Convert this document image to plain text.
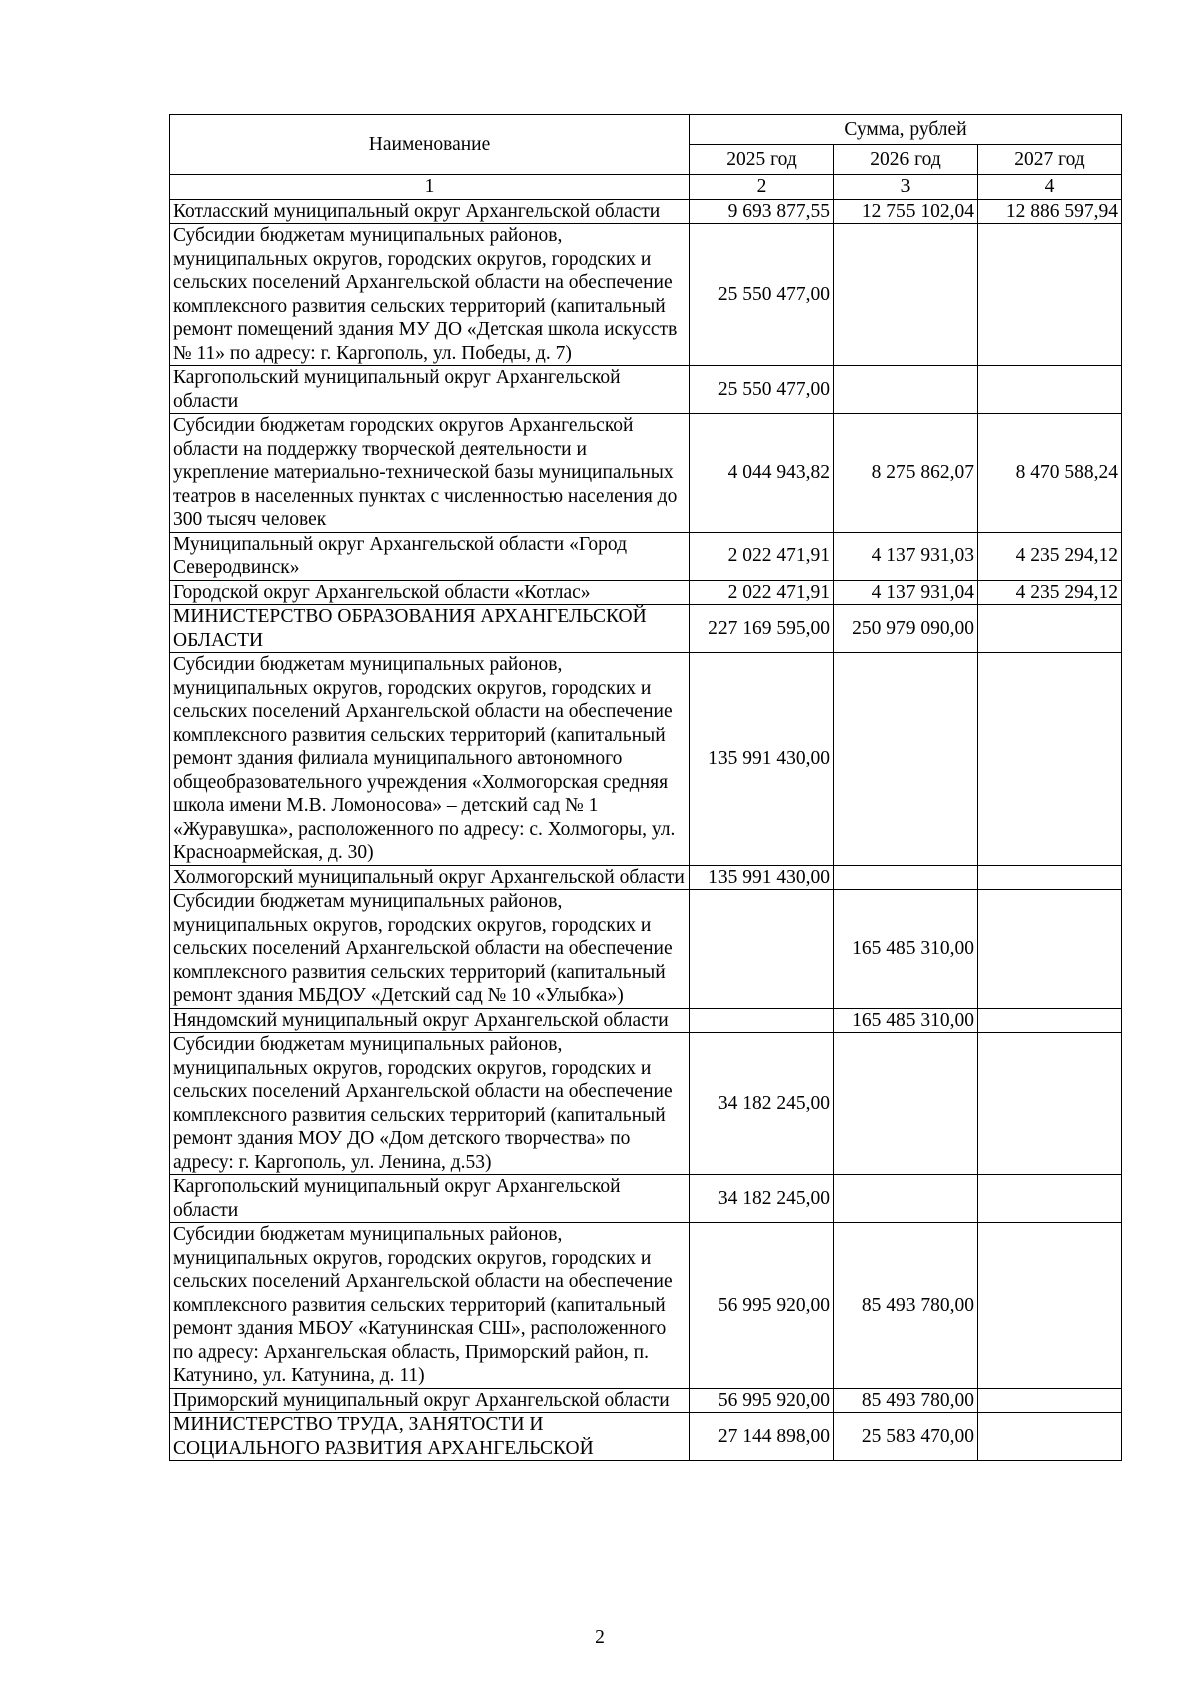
Наименование	Сумма, рублей		
	2025 год	2026 год	2027 год
1	2	3	4
Котласский муниципальный округ Архангельской области	9 693 877,55	12 755 102,04	12 886 597,94
Субсидии бюджетам муниципальных районов, муниципальных округов, городских округов, городских и сельских поселений Архангельской области на обеспечение комплексного развития сельских территорий (капитальный ремонт помещений здания МУ ДО «Детская школа искусств № 11» по адресу: г. Каргополь, ул. Победы, д. 7)	25 550 477,00		
Каргопольский муниципальный округ Архангельской области	25 550 477,00		
Субсидии бюджетам городских округов Архангельской области на поддержку творческой деятельности и укрепление материально-технической базы муниципальных театров в населенных пунктах с численностью населения до 300 тысяч человек	4 044 943,82	8 275 862,07	8 470 588,24
Муниципальный округ Архангельской области «Город Северодвинск»	2 022 471,91	4 137 931,03	4 235 294,12
Городской округ Архангельской области «Котлас»	2 022 471,91	4 137 931,04	4 235 294,12
МИНИСТЕРСТВО ОБРАЗОВАНИЯ АРХАНГЕЛЬСКОЙ ОБЛАСТИ	227 169 595,00	250 979 090,00	
Субсидии бюджетам муниципальных районов, муниципальных округов, городских округов, городских и сельских поселений Архангельской области на обеспечение комплексного развития сельских территорий (капитальный ремонт здания филиала муниципального автономного общеобразовательного учреждения «Холмогорская средняя школа имени М.В. Ломоносова» – детский сад № 1 «Журавушка», расположенного по адресу: с. Холмогоры, ул. Красноармейская, д. 30)	135 991 430,00		
Холмогорский муниципальный округ Архангельской области	135 991 430,00		
Субсидии бюджетам муниципальных районов, муниципальных округов, городских округов, городских и сельских поселений Архангельской области на обеспечение комплексного развития сельских территорий (капитальный ремонт здания МБДОУ «Детский сад № 10 «Улыбка»)		165 485 310,00	
Няндомский муниципальный округ Архангельской области		165 485 310,00	
Субсидии бюджетам муниципальных районов, муниципальных округов, городских округов, городских и сельских поселений Архангельской области на обеспечение комплексного развития сельских территорий (капитальный ремонт здания МОУ ДО «Дом детского творчества» по адресу: г. Каргополь, ул. Ленина, д.53)	34 182 245,00		
Каргопольский муниципальный округ Архангельской области	34 182 245,00		
Субсидии бюджетам муниципальных районов, муниципальных округов, городских округов, городских и сельских поселений Архангельской области на обеспечение комплексного развития сельских территорий (капитальный ремонт здания МБОУ «Катунинская СШ», расположенного по адресу: Архангельская область, Приморский район, п. Катунино, ул. Катунина, д. 11)	56 995 920,00	85 493 780,00	
Приморский муниципальный округ Архангельской области	56 995 920,00	85 493 780,00	
МИНИСТЕРСТВО ТРУДА, ЗАНЯТОСТИ И СОЦИАЛЬНОГО РАЗВИТИЯ АРХАНГЕЛЬСКОЙ	27 144 898,00	25 583 470,00	
2
